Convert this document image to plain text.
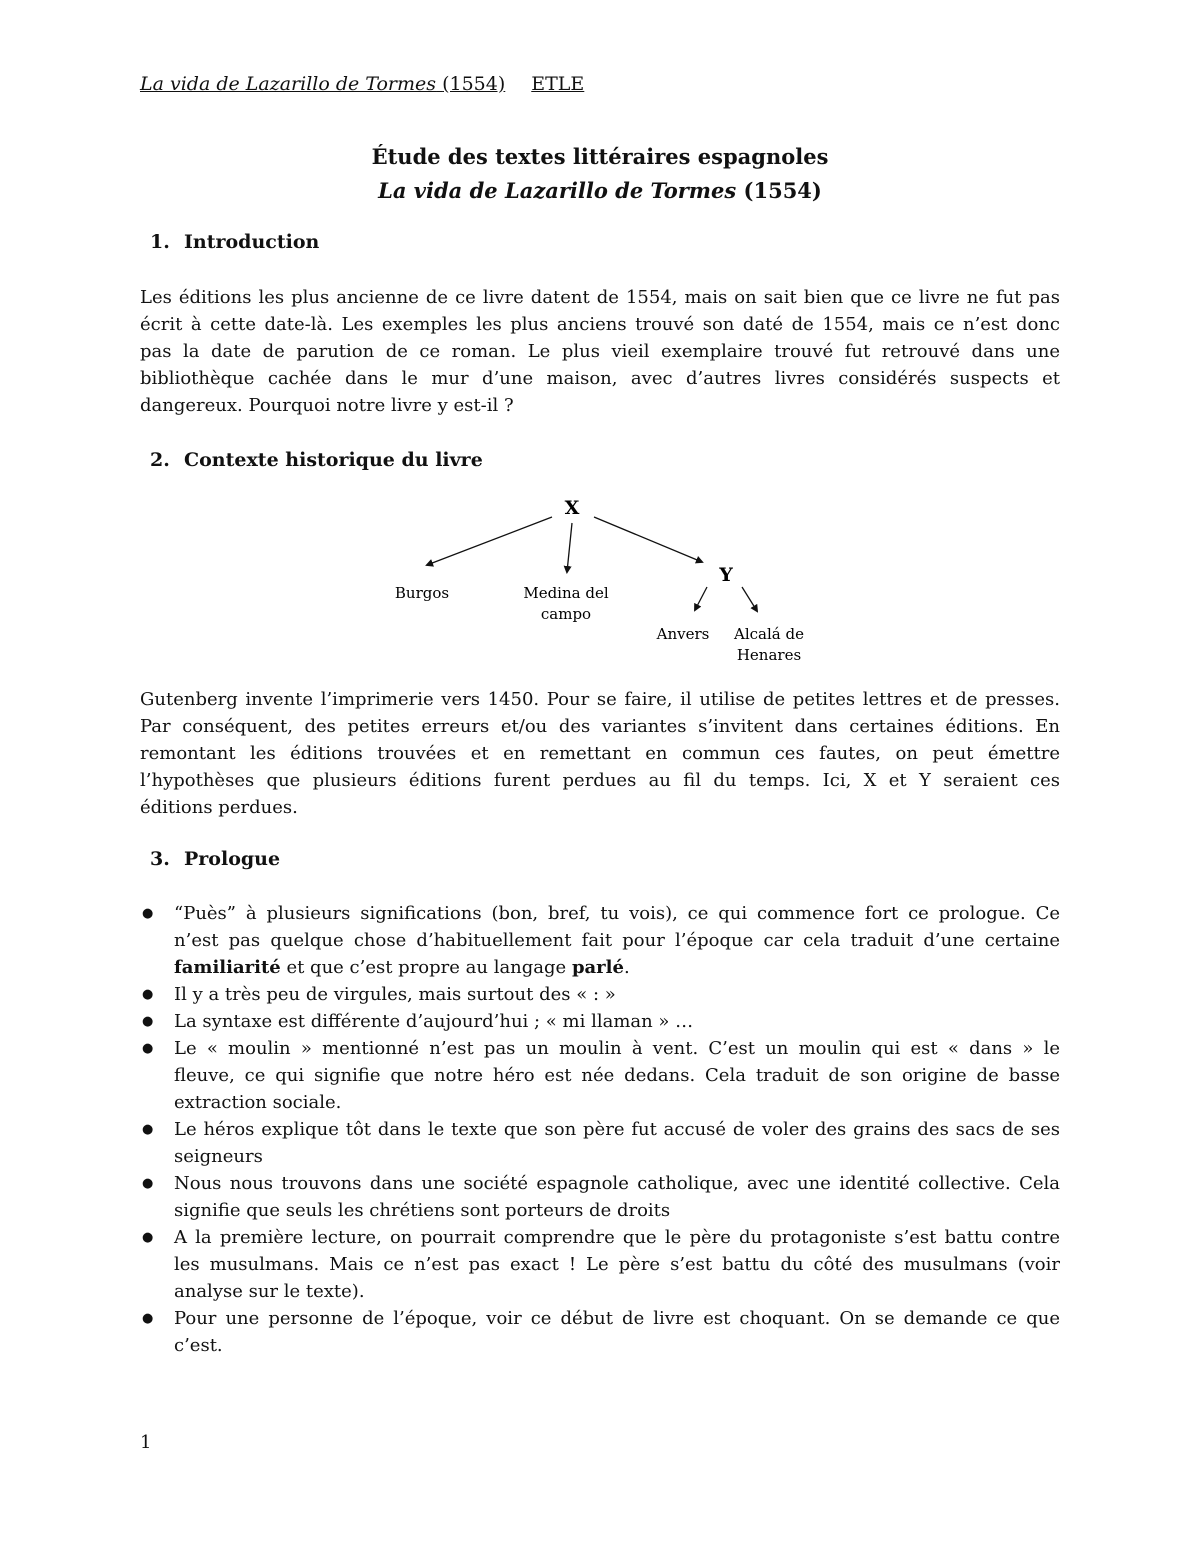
La vida de Lazarillo de Tormes (1554) ETLE
Étude des textes littéraires espagnoles
La vida de Lazarillo de Tormes (1554)
1. Introduction
Les éditions les plus ancienne de ce livre datent de 1554, mais on sait bien que ce livre ne fut pas
écrit à cette date-là. Les exemples les plus anciens trouvé son daté de 1554, mais ce n’est donc
pas la date de parution de ce roman. Le plus vieil exemplaire trouvé fut retrouvé dans une
bibliothèque cachée dans le mur d’une maison, avec d’autres livres considérés suspects et
dangereux. Pourquoi notre livre y est-il ?
2. Contexte historique du livre
X
Y
Burgos	Medina del
campo
Anvers Alcalá de
Henares
Gutenberg invente l’imprimerie vers 1450. Pour se faire, il utilise de petites lettres et de presses.
Par conséquent, des petites erreurs et/ou des variantes s’invitent dans certaines éditions. En
remontant les éditions trouvées et en remettant en commun ces fautes, on peut émettre
l’hypothèses que plusieurs éditions furent perdues au fil du temps. Ici, X et Y seraient ces
éditions perdues.
3. Prologue
● “Puès” à plusieurs significations (bon, bref, tu vois), ce qui commence fort ce prologue. Ce
n’est pas quelque chose d’habituellement fait pour l’époque car cela traduit d’une certaine
familiarité et que c’est propre au langage parlé.
● Il y a très peu de virgules, mais surtout des « : »
● La syntaxe est différente d’aujourd’hui ; « mi llaman » …
● Le « moulin » mentionné n’est pas un moulin à vent. C’est un moulin qui est « dans » le
fleuve, ce qui signifie que notre héro est née dedans. Cela traduit de son origine de basse
extraction sociale.
● Le héros explique tôt dans le texte que son père fut accusé de voler des grains des sacs de ses
seigneurs
● Nous nous trouvons dans une société espagnole catholique, avec une identité collective. Cela
signifie que seuls les chrétiens sont porteurs de droits
● A la première lecture, on pourrait comprendre que le père du protagoniste s’est battu contre
les musulmans. Mais ce n’est pas exact ! Le père s’est battu du côté des musulmans (voir
analyse sur le texte).
● Pour une personne de l’époque, voir ce début de livre est choquant. On se demande ce que
c’est.
1
